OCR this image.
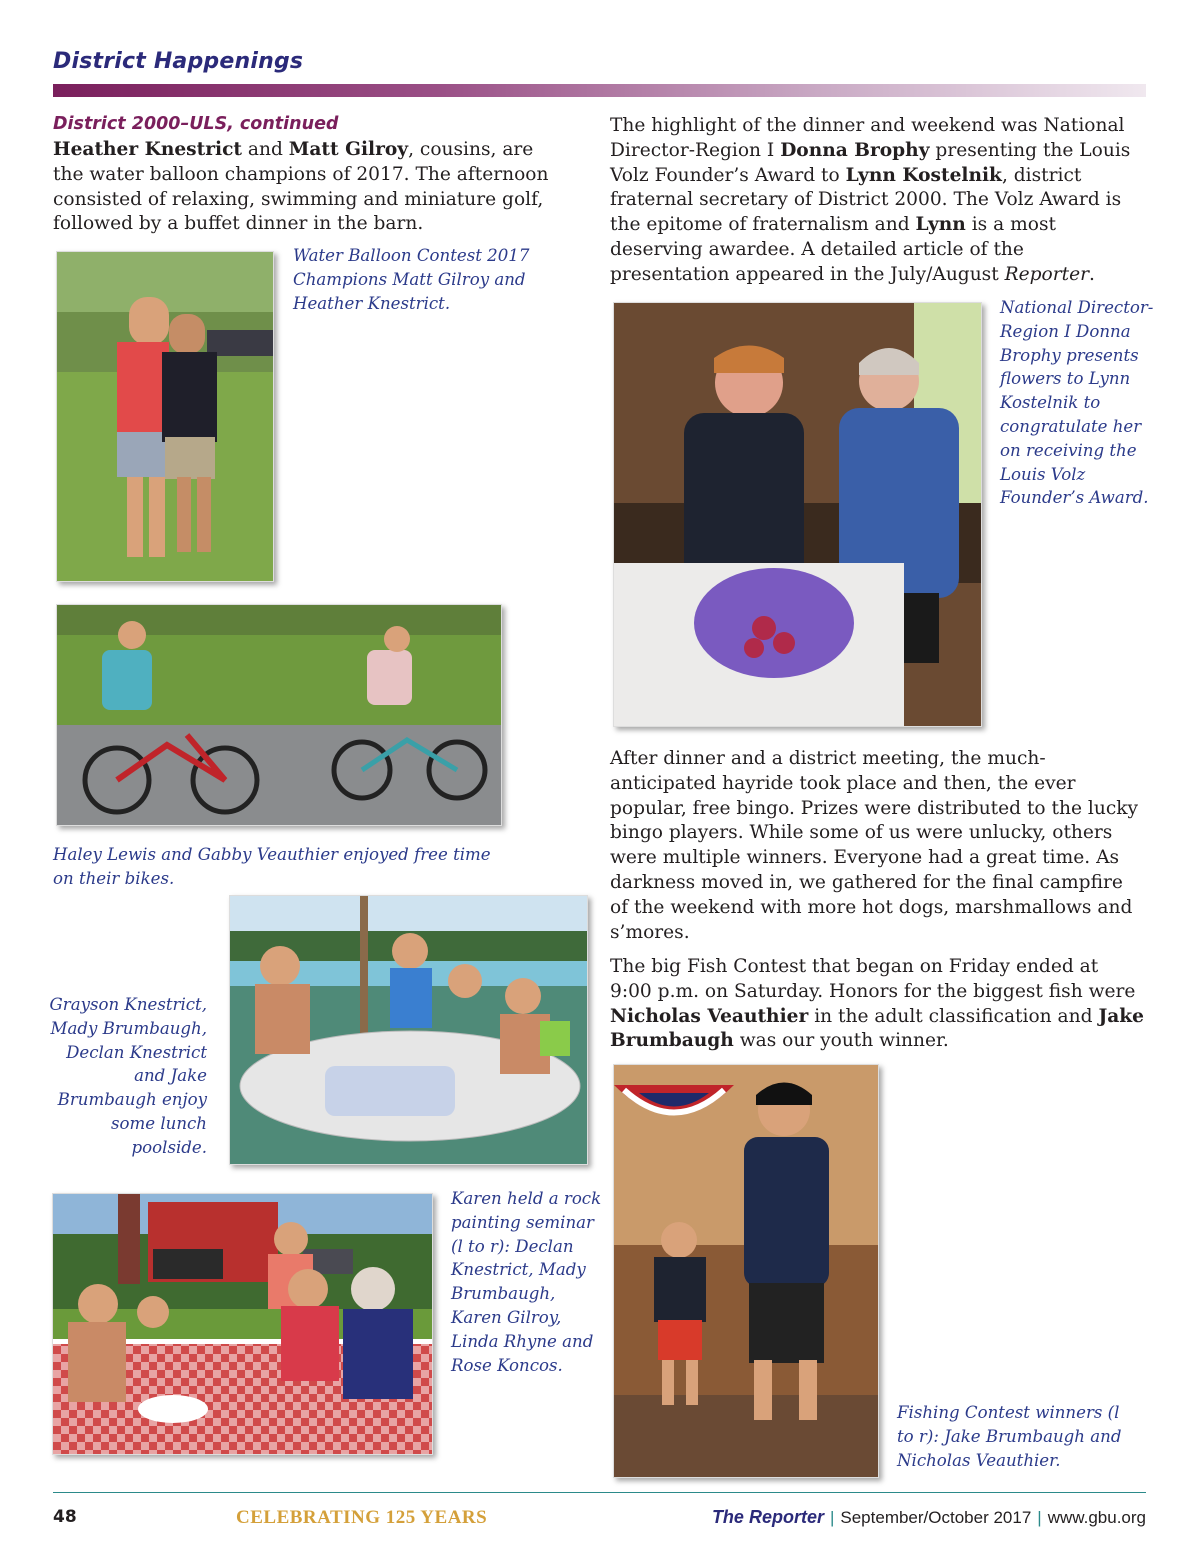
District Happenings
District 2000–ULS, continued

Heather Knestrict and Matt Gilroy, cousins, are the water balloon champions of 2017. The afternoon consisted of relaxing, swimming and miniature golf, followed by a buffet dinner in the barn.

Water Balloon Contest 2017 Champions Matt Gilroy and Heather Knestrict.
Haley Lewis and Gabby Veauthier enjoyed free time on their bikes.
Grayson Knestrict, Mady Brumbaugh, Declan Knestrict and Jake Brumbaugh enjoy some lunch poolside.
Karen held a rock painting seminar (l to r): Declan Knestrict, Mady Brumbaugh, Karen Gilroy, Linda Rhyne and Rose Koncos.

The highlight of the dinner and weekend was National Director-Region I Donna Brophy presenting the Louis Volz Founder’s Award to Lynn Kostelnik, district fraternal secretary of District 2000. The Volz Award is the epitome of fraternalism and Lynn is a most deserving awardee. A detailed article of the presentation appeared in the July/August Reporter.

National Director-Region I Donna Brophy presents flowers to Lynn Kostelnik to congratulate her on receiving the Louis Volz Founder’s Award.

After dinner and a district meeting, the much-anticipated hayride took place and then, the ever popular, free bingo. Prizes were distributed to the lucky bingo players. While some of us were unlucky, others were multiple winners. Everyone had a great time. As darkness moved in, we gathered for the final campfire of the weekend with more hot dogs, marshmallows and s’mores.

The big Fish Contest that began on Friday ended at 9:00 p.m. on Saturday. Honors for the biggest fish were Nicholas Veauthier in the adult classification and Jake Brumbaugh was our youth winner.

Fishing Contest winners (l to r): Jake Brumbaugh and Nicholas Veauthier.
48	CELEBRATING 125 YEARS	The Reporter | September/October 2017 | www.gbu.org
